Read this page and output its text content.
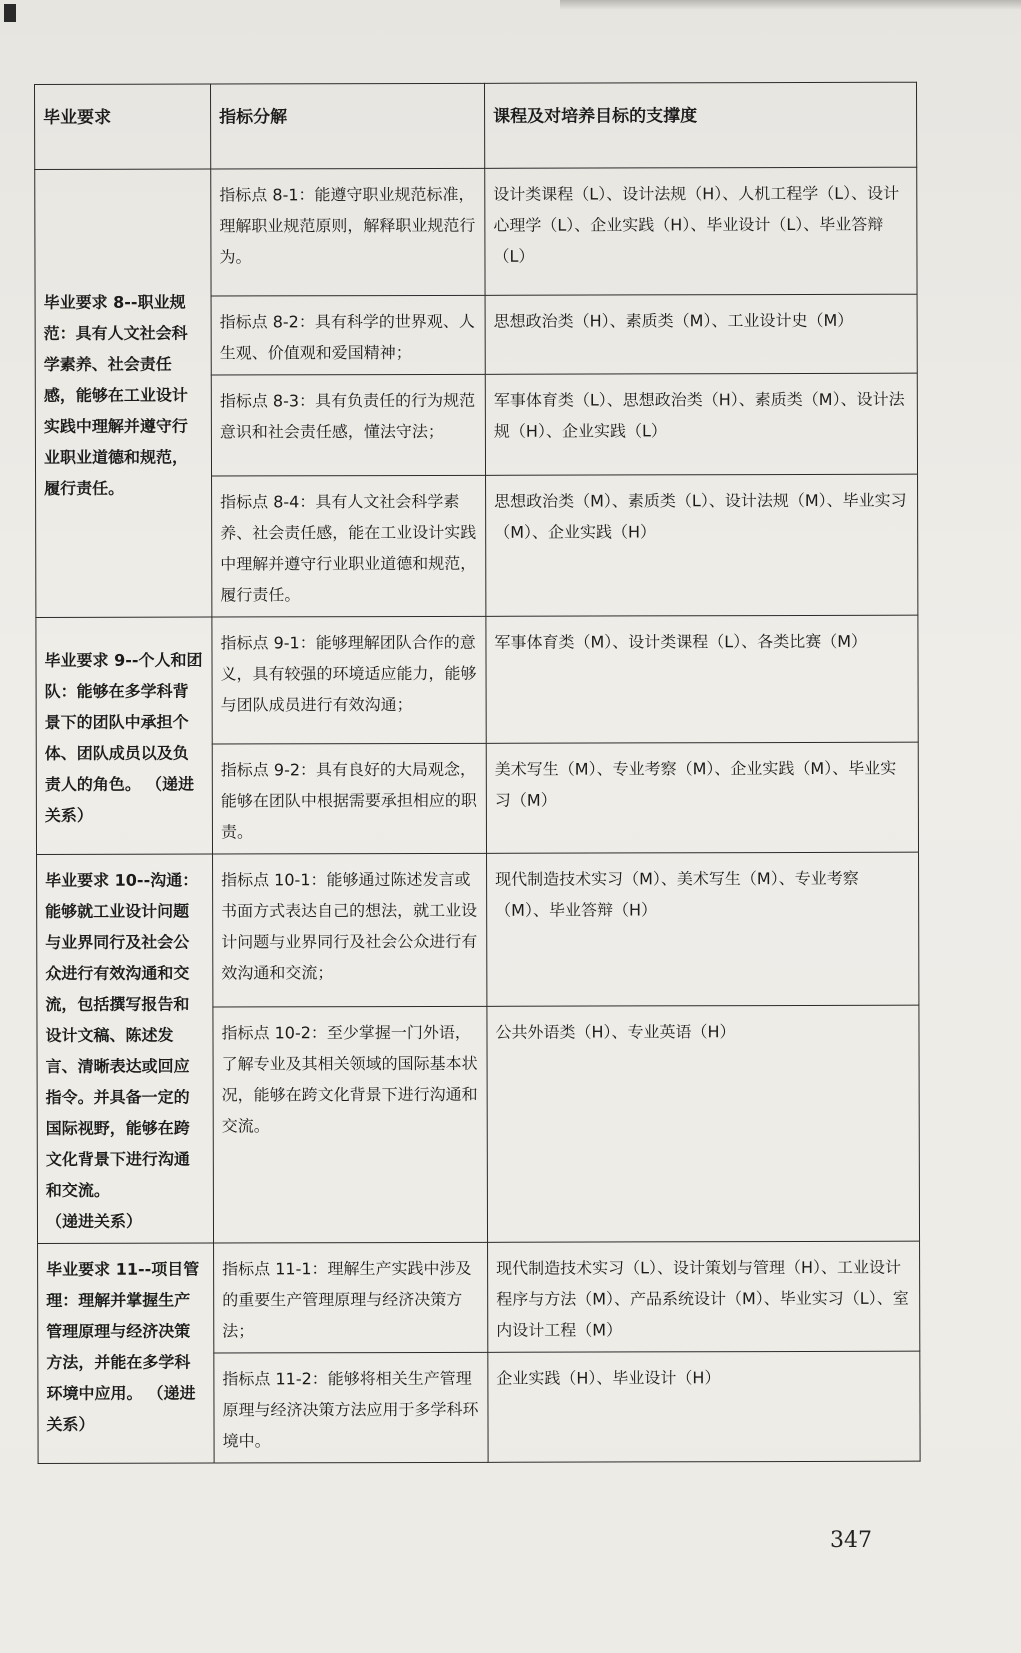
毕业要求	指标分解	课程及对培养目标的支撑度
毕业要求 8--职业规范：具有人文社会科学素养、社会责任感，能够在工业设计实践中理解并遵守行业职业道德和规范，履行责任。	指标点 8-1：能遵守职业规范标准，理解职业规范原则，解释职业规范行为。	设计类课程（L）、设计法规（H）、人机工程学（L）、设计心理学（L）、企业实践（H）、毕业设计（L）、毕业答辩（L）
	指标点 8-2：具有科学的世界观、人生观、价值观和爱国精神；	思想政治类（H）、素质类（M）、工业设计史（M）
	指标点 8-3：具有负责任的行为规范意识和社会责任感，懂法守法；	军事体育类（L）、思想政治类（H）、素质类（M）、设计法规（H）、企业实践（L）
	指标点 8-4：具有人文社会科学素养、社会责任感，能在工业设计实践中理解并遵守行业职业道德和规范，履行责任。	思想政治类（M）、素质类（L）、设计法规（M）、毕业实习（M）、企业实践（H）
毕业要求 9--个人和团队：能够在多学科背景下的团队中承担个体、团队成员以及负责人的角色。 （递进关系）	指标点 9-1：能够理解团队合作的意义，具有较强的环境适应能力，能够与团队成员进行有效沟通；	军事体育类（M）、设计类课程（L）、各类比赛（M）
	指标点 9-2：具有良好的大局观念，能够在团队中根据需要承担相应的职责。	美术写生（M）、专业考察（M）、企业实践（M）、毕业实习（M）
毕业要求 10--沟通：能够就工业设计问题与业界同行及社会公众进行有效沟通和交流，包括撰写报告和设计文稿、陈述发言、清晰表达或回应指令。并具备一定的国际视野，能够在跨文化背景下进行沟通和交流。 （递进关系）	指标点 10-1：能够通过陈述发言或书面方式表达自己的想法，就工业设计问题与业界同行及社会公众进行有效沟通和交流；	现代制造技术实习（M）、美术写生（M）、专业考察（M）、毕业答辩（H）
	指标点 10-2：至少掌握一门外语，了解专业及其相关领域的国际基本状况，能够在跨文化背景下进行沟通和交流。	公共外语类（H）、专业英语（H）
毕业要求 11--项目管理：理解并掌握生产管理原理与经济决策方法，并能在多学科环境中应用。 （递进关系）	指标点 11-1：理解生产实践中涉及的重要生产管理原理与经济决策方法；	现代制造技术实习（L）、设计策划与管理（H）、工业设计程序与方法（M）、产品系统设计（M）、毕业实习（L）、室内设计工程（M）
	指标点 11-2：能够将相关生产管理原理与经济决策方法应用于多学科环境中。	企业实践（H）、毕业设计（H）
347
